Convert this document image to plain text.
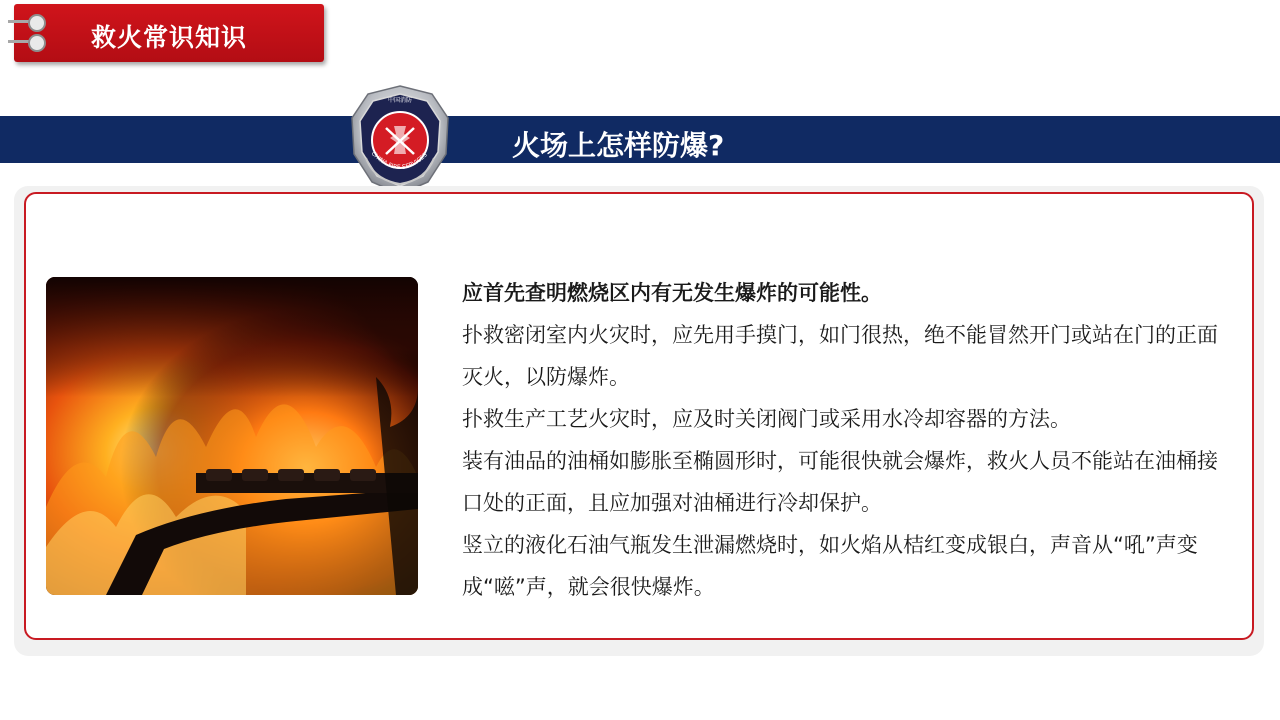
救火常识知识
火场上怎样防爆?
中国消防
CHINA FIRE SERVICES

应首先查明燃烧区内有无发生爆炸的可能性。

扑救密闭室内火灾时，应先用手摸门，如门很热，绝不能冒然开门或站在门的正面灭火，以防爆炸。

扑救生产工艺火灾时，应及时关闭阀门或采用水冷却容器的方法。

装有油品的油桶如膨胀至椭圆形时，可能很快就会爆炸，救火人员不能站在油桶接口处的正面，且应加强对油桶进行冷却保护。

竖立的液化石油气瓶发生泄漏燃烧时，如火焰从桔红变成银白，声音从“吼”声变成“嗞”声，就会很快爆炸。
